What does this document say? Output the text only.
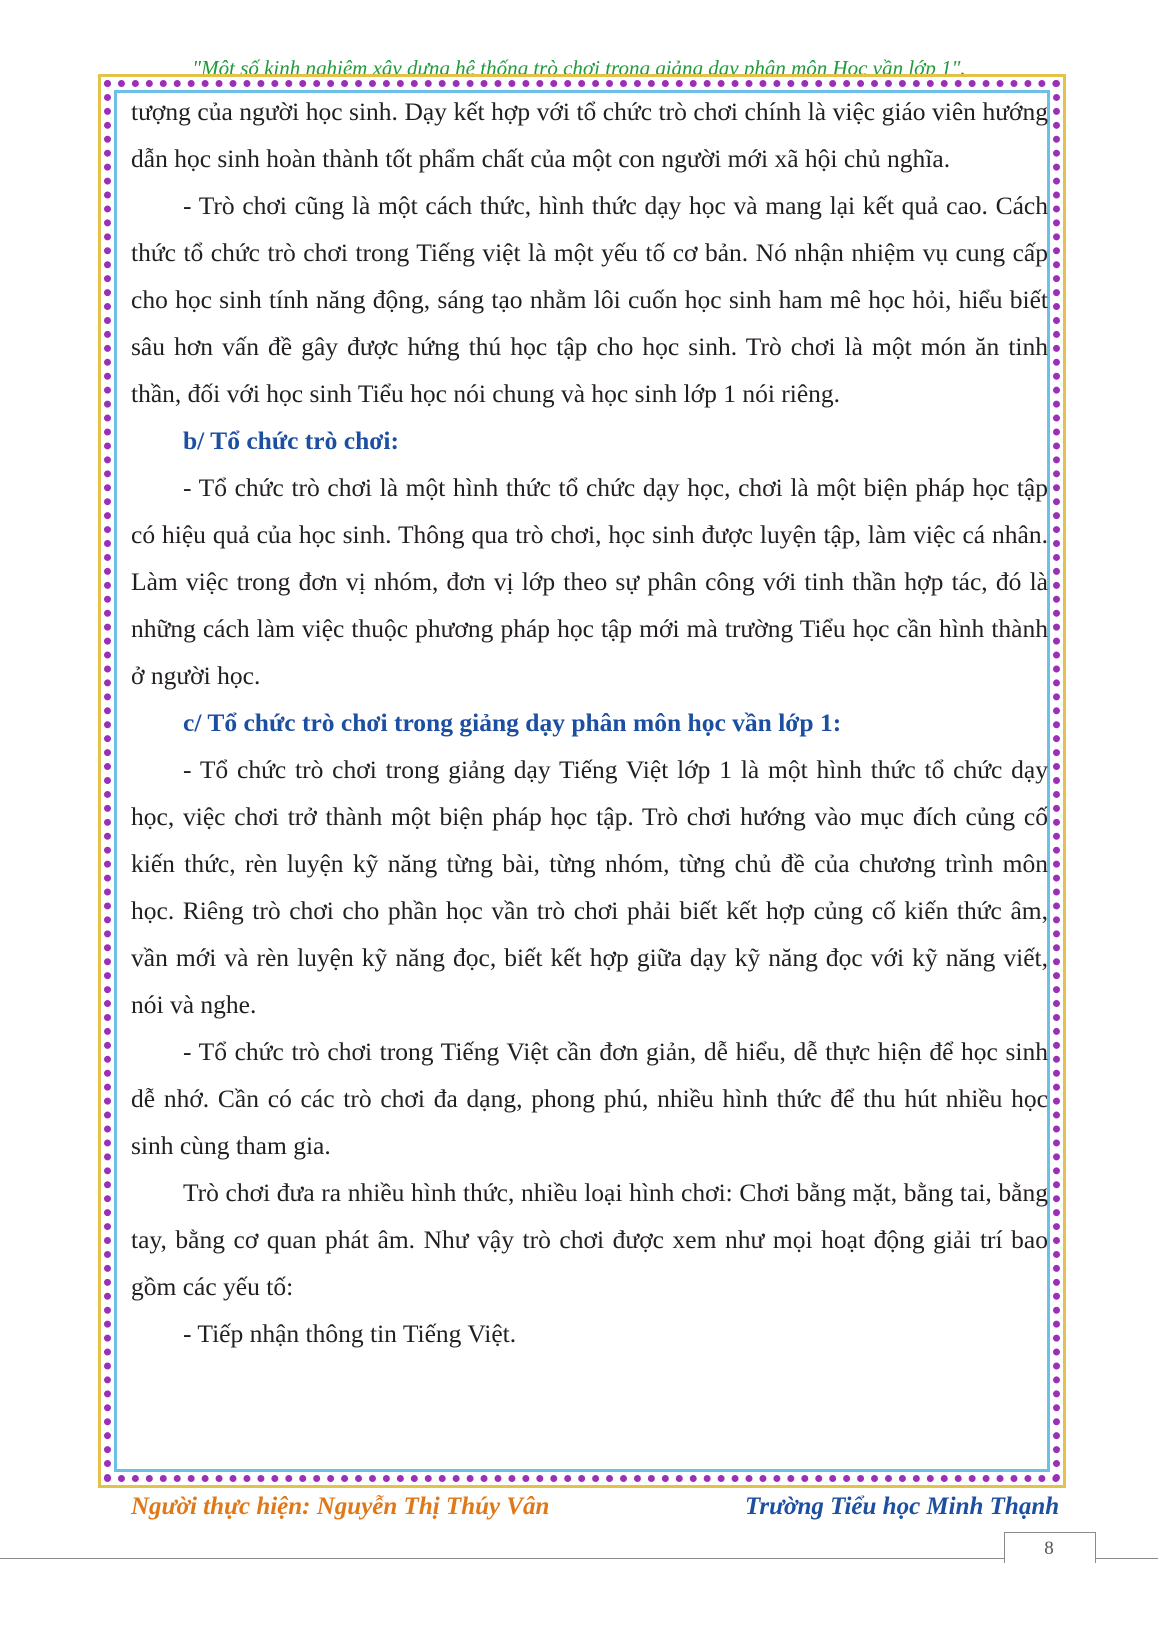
"Một số kinh nghiệm xây dựng hệ thống trò chơi trong giảng dạy phân môn Học vần lớp 1".

tượng của người học sinh. Dạy kết hợp với tổ chức trò chơi chính là việc giáo viên hướng dẫn học sinh hoàn thành tốt phẩm chất của một con người mới xã hội chủ nghĩa.

- Trò chơi cũng là một cách thức, hình thức dạy học và mang lại kết quả cao. Cách thức tổ chức trò chơi trong Tiếng việt là một yếu tố cơ bản. Nó nhận nhiệm vụ cung cấp cho học sinh tính năng động, sáng tạo nhằm lôi cuốn học sinh ham mê học hỏi, hiểu biết sâu hơn vấn đề gây được hứng thú học tập cho học sinh. Trò chơi là một món ăn tinh thần, đối với học sinh Tiểu học nói chung và học sinh lớp 1 nói riêng.

b/ Tổ chức trò chơi:

- Tổ chức trò chơi là một hình thức tổ chức dạy học, chơi là một biện pháp học tập có hiệu quả của học sinh. Thông qua trò chơi, học sinh được luyện tập, làm việc cá nhân. Làm việc trong đơn vị nhóm, đơn vị lớp theo sự phân công với tinh thần hợp tác, đó là những cách làm việc thuộc phương pháp học tập mới mà trường Tiểu học cần hình thành ở người học.

c/ Tổ chức trò chơi trong giảng dạy phân môn học vần lớp 1:

- Tổ chức trò chơi trong giảng dạy Tiếng Việt lớp 1 là một hình thức tổ chức dạy học, việc chơi trở thành một biện pháp học tập. Trò chơi hướng vào mục đích củng cố kiến thức, rèn luyện kỹ năng từng bài, từng nhóm, từng chủ đề của chương trình môn học. Riêng trò chơi cho phần học vần trò chơi phải biết kết hợp củng cố kiến thức âm, vần mới và rèn luyện kỹ năng đọc, biết kết hợp giữa dạy kỹ năng đọc với kỹ năng viết, nói và nghe.

- Tổ chức trò chơi trong Tiếng Việt cần đơn giản, dễ hiểu, dễ thực hiện để học sinh dễ nhớ. Cần có các trò chơi đa dạng, phong phú, nhiều hình thức để thu hút nhiều học sinh cùng tham gia.

Trò chơi đưa ra nhiều hình thức, nhiều loại hình chơi: Chơi bằng mặt, bằng tai, bằng tay, bằng cơ quan phát âm. Như vậy trò chơi được xem như mọi hoạt động giải trí bao gồm các yếu tố:

- Tiếp nhận thông tin Tiếng Việt.

Người thực hiện: Nguyễn Thị Thúy Vân	Trường Tiểu học Minh Thạnh
8
